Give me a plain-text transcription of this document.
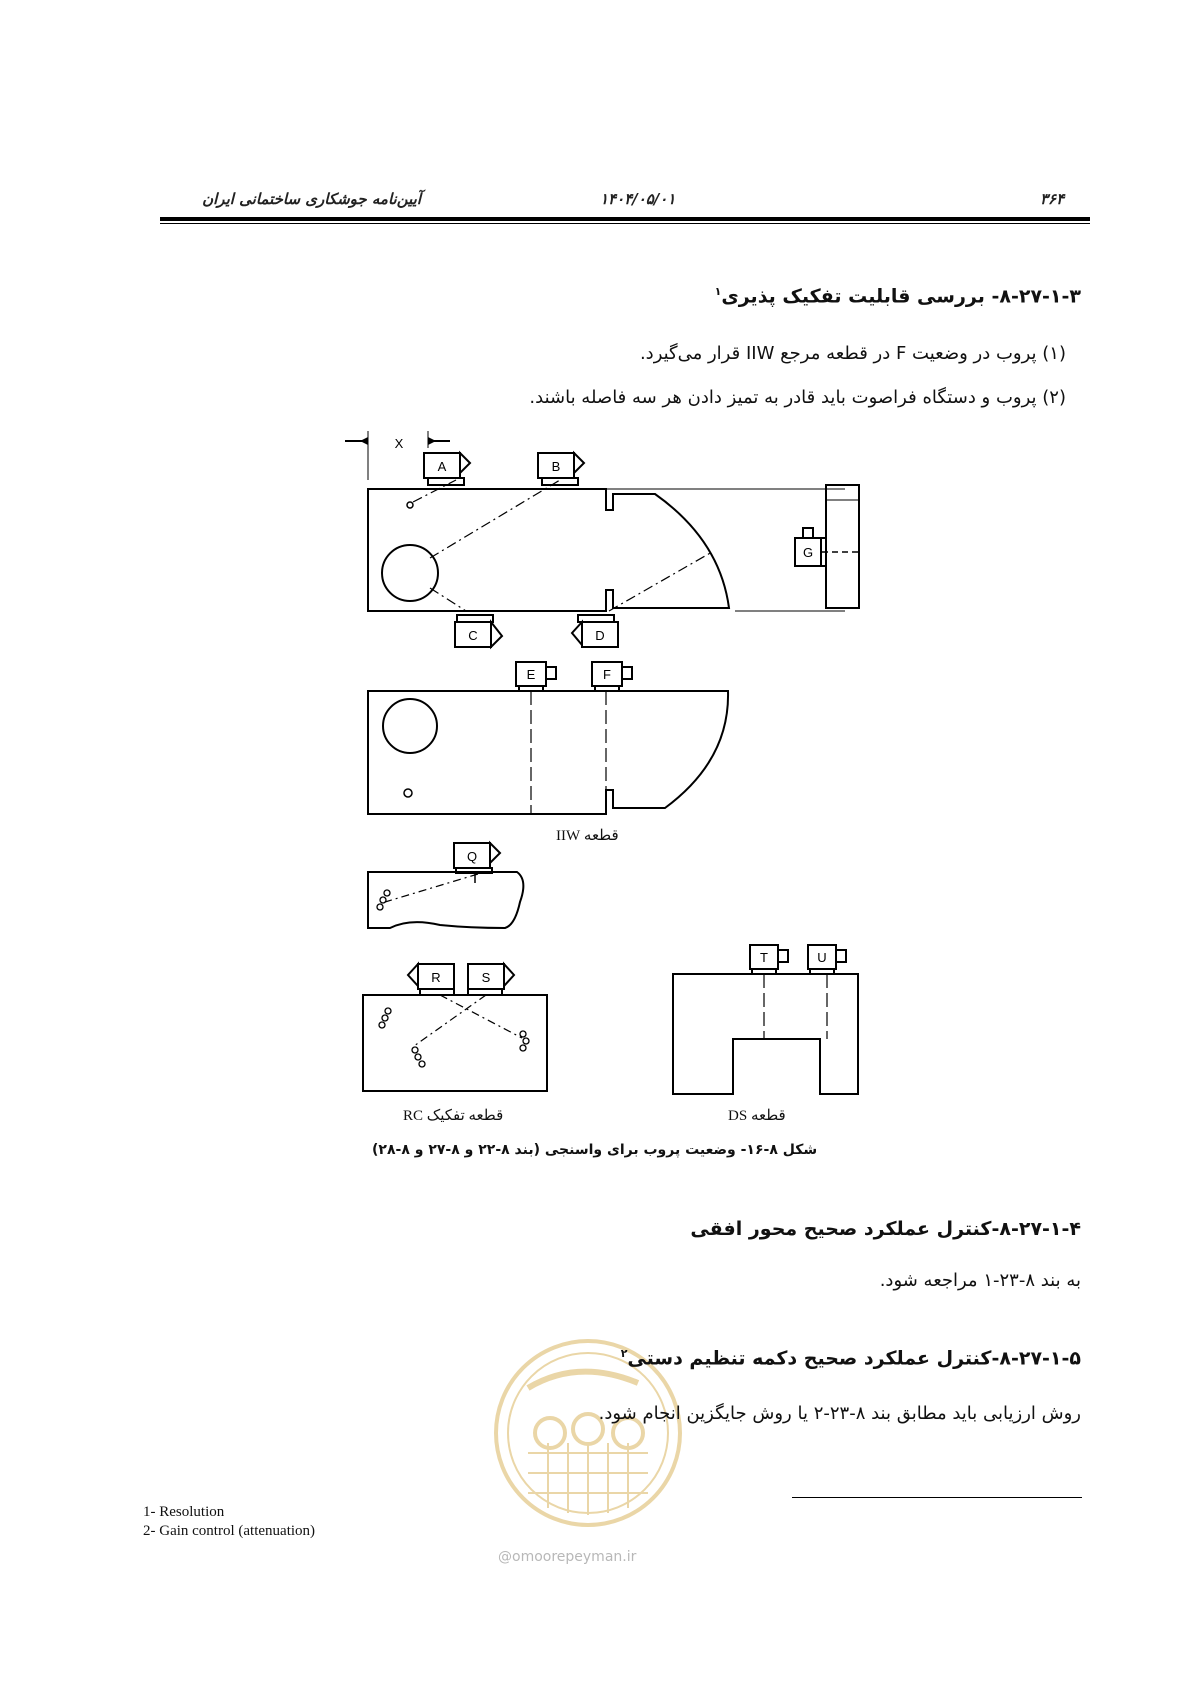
۳۶۴
۱۴۰۴/۰۵/۰۱
آیین‌نامه جوشکاری ساختمانی ایران
۸-۲۷-۱-۳- بررسی قابلیت تفکیک پذیری$^۱$
(۱) پروب در وضعیت F در قطعه مرجع IIW قرار می‌گیرد.
(۲) پروب و دستگاه فراصوت باید قادر به تمیز دادن هر سه فاصله باشند.
X
A	B
C	D
G
E	F
Q
R	S
T	U
قطعه IIW
قطعه تفکیک RC	قطعه DS
شکل ۸-۱۶- وضعیت پروب برای واسنجی (بند ۸-۲۲ و ۸-۲۷ و ۸-۲۸)
۸-۲۷-۱-۴-کنترل عملکرد صحیح محور افقی
به بند ۸-۲۳-۱ مراجعه شود.
۸-۲۷-۱-۵-کنترل عملکرد صحیح دکمه تنظیم دستی$^۲$
روش ارزیابی باید مطابق بند ۸-۲۳-۲ یا روش جایگزین انجام شود.
@omoorepeyman.ir
1- Resolution
2- Gain control (attenuation)
